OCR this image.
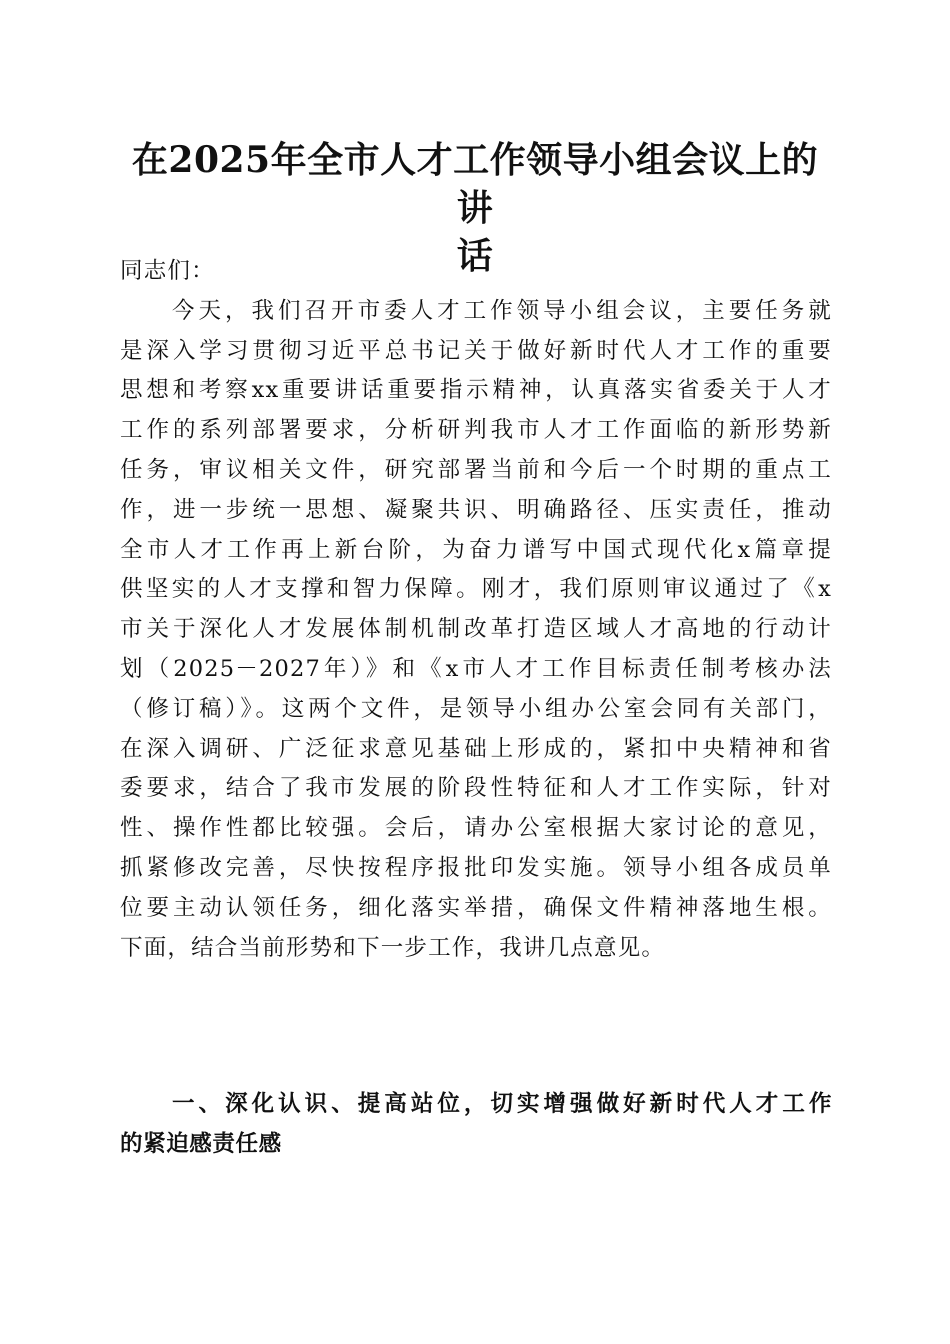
在2025年全市人才工作领导小组会议上的讲
话
同志们：
今天，我们召开市委人才工作领导小组会议，主要任务就
是深入学习贯彻习近平总书记关于做好新时代人才工作的重要
思想和考察xx重要讲话重要指示精神，认真落实省委关于人才
工作的系列部署要求，分析研判我市人才工作面临的新形势新
任务，审议相关文件，研究部署当前和今后一个时期的重点工
作，进一步统一思想、凝聚共识、明确路径、压实责任，推动
全市人才工作再上新台阶，为奋力谱写中国式现代化x篇章提
供坚实的人才支撑和智力保障。刚才，我们原则审议通过了《x
市关于深化人才发展体制机制改革打造区域人才高地的行动计
划（2025－2027年）》和《x市人才工作目标责任制考核办法
（修订稿）》。这两个文件，是领导小组办公室会同有关部门，
在深入调研、广泛征求意见基础上形成的，紧扣中央精神和省
委要求，结合了我市发展的阶段性特征和人才工作实际，针对
性、操作性都比较强。会后，请办公室根据大家讨论的意见，
抓紧修改完善，尽快按程序报批印发实施。领导小组各成员单
位要主动认领任务，细化落实举措，确保文件精神落地生根。
下面，结合当前形势和下一步工作，我讲几点意见。
一、深化认识、提高站位，切实增强做好新时代人才工作
的紧迫感责任感
